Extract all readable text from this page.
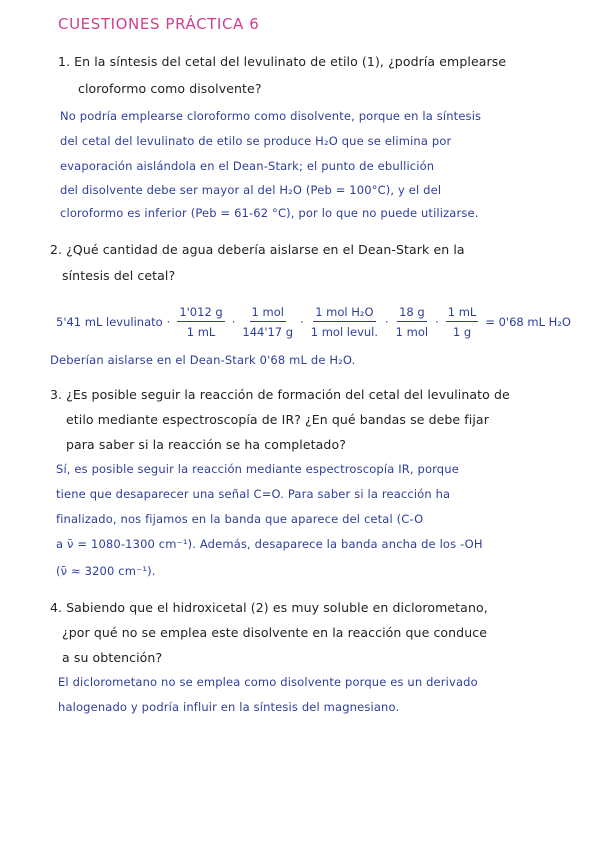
CUESTIONES PRÁCTICA 6
1. En la síntesis del cetal del levulinato de etilo (1), ¿podría emplearse
cloroformo como disolvente?
No podría emplearse cloroformo como disolvente, porque en la síntesis
del cetal del levulinato de etilo se produce H₂O que se elimina por
evaporación aislándola en el Dean-Stark; el punto de ebullición
del disolvente debe ser mayor al del H₂O (Peb = 100°C), y el del
cloroformo es inferior (Peb = 61-62 °C), por lo que no puede utilizarse.
2. ¿Qué cantidad de agua debería aislarse en el Dean-Stark en la
síntesis del cetal?
5'41 mL levulinato · $\frac{1'012 g}{1 mL} \cdot \frac{\text{1 mol}}{144'17 g} \cdot \frac{\text{1 mol H₂O}}{\text{1 mol levul.}} \cdot \frac{18 g}{\text{1 mol}} \cdot \frac{1 mL}{1 g} = 0'68$ mL H₂O
Deberían aislarse en el Dean-Stark 0'68 mL de H₂O.
3. ¿Es posible seguir la reacción de formación del cetal del levulinato de
etilo mediante espectroscopía de IR? ¿En qué bandas se debe fijar
para saber si la reacción se ha completado?
Sí, es posible seguir la reacción mediante espectroscopía IR, porque
tiene que desaparecer una señal C=O. Para saber si la reacción ha
finalizado, nos fijamos en la banda que aparece del cetal (C-O
a ν̄ = 1080-1300 cm⁻¹). Además, desaparece la banda ancha de los -OH
(ν̄ ≈ 3200 cm⁻¹).
4. Sabiendo que el hidroxicetal (2) es muy soluble en diclorometano,
¿por qué no se emplea este disolvente en la reacción que conduce
a su obtención?
El diclorometano no se emplea como disolvente porque es un derivado
halogenado y podría influir en la síntesis del magnesiano.
